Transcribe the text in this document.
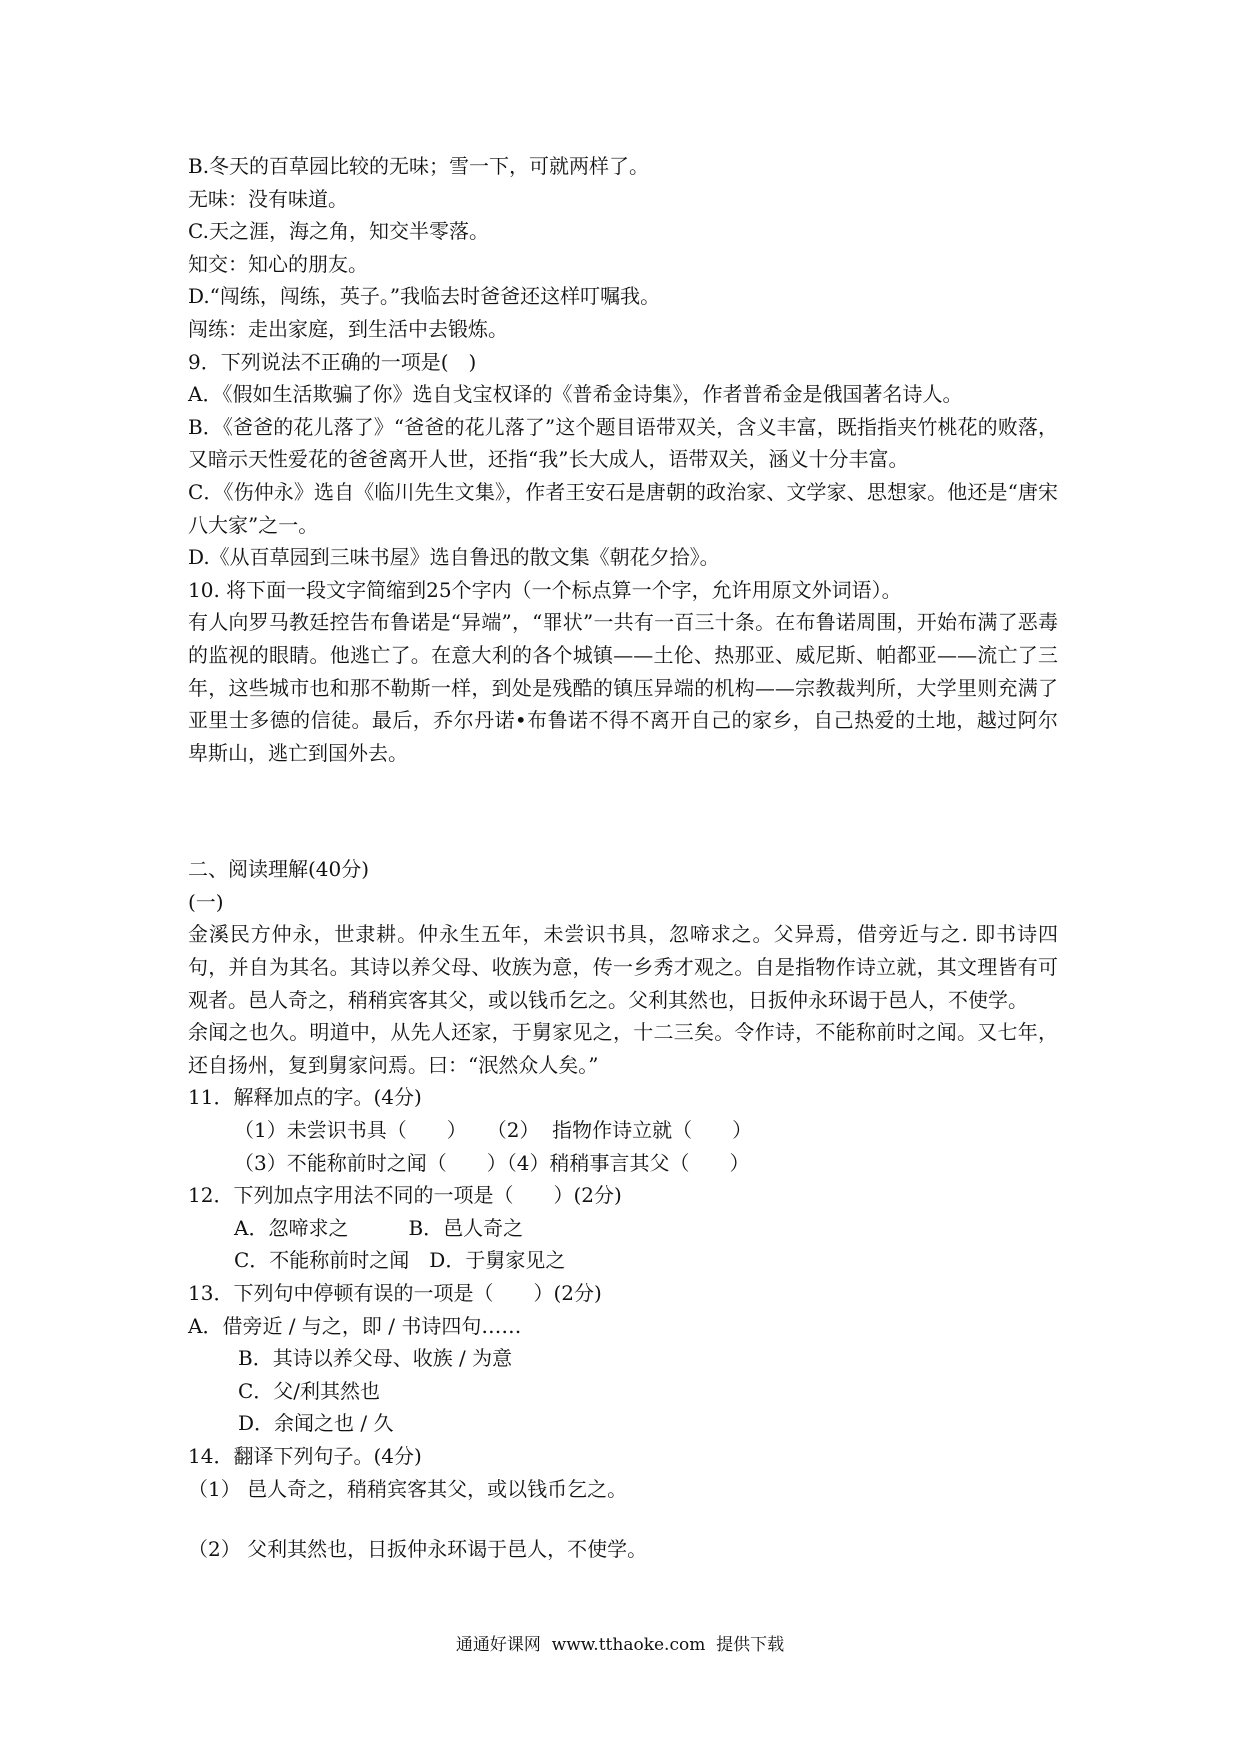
B.冬天的百草园比较的无味；雪一下，可就两样了。
无味：没有味道。
C.天之涯，海之角，知交半零落。
知交：知心的朋友。
D.“闯练，闯练，英子。”我临去时爸爸还这样叮嘱我。
闯练：走出家庭，到生活中去锻炼。
9．下列说法不正确的一项是(　)
A．《假如生活欺骗了你》选自戈宝权译的《普希金诗集》，作者普希金是俄国著名诗人。
B．《爸爸的花儿落了》“爸爸的花儿落了”这个题目语带双关，含义丰富，既指指夹竹桃花的败落，又暗示天性爱花的爸爸离开人世，还指“我”长大成人，语带双关，涵义十分丰富。
C．《伤仲永》选自《临川先生文集》，作者王安石是唐朝的政治家、文学家、思想家。他还是“唐宋八大家”之一。
D.《从百草园到三味书屋》选自鲁迅的散文集《朝花夕拾》。
10. 将下面一段文字简缩到25个字内（一个标点算一个字，允许用原文外词语）。
有人向罗马教廷控告布鲁诺是“异端”，“罪状”一共有一百三十条。在布鲁诺周围，开始布满了恶毒的监视的眼睛。他逃亡了。在意大利的各个城镇——土伦、热那亚、威尼斯、帕都亚——流亡了三年，这些城市也和那不勒斯一样，到处是残酷的镇压异端的机构——宗教裁判所，大学里则充满了亚里士多德的信徒。最后，乔尔丹诺•布鲁诺不得不离开自己的家乡，自己热爱的土地，越过阿尔卑斯山，逃亡到国外去。
二、阅读理解(40分)
(一)
金溪民方仲永，世隶耕。仲永生五年，未尝识书具，忽啼求之。父异焉，借旁近与之. 即书诗四句，并自为其名。其诗以养父母、收族为意，传一乡秀才观之。自是指物作诗立就，其文理皆有可观者。邑人奇之，稍稍宾客其父，或以钱币乞之。父利其然也，日扳仲永环谒于邑人，不使学。
余闻之也久。明道中，从先人还家，于舅家见之，十二三矣。令作诗，不能称前时之闻。又七年，还自扬州，复到舅家问焉。曰：“泯然众人矣。”
11．解释加点的字。(4分)
（1）未尝识书具（　　）　　（2）  指物作诗立就（　　）
（3）不能称前时之闻（　　）（4）稍稍事言其父（　　）
12．下列加点字用法不同的一项是（　　）(2分)
A．忽啼求之　　　B．邑人奇之
C．不能称前时之闻　D．于舅家见之
13．下列句中停顿有误的一项是（　　）(2分)
A．借旁近 / 与之，即 / 书诗四句……
B．其诗以养父母、收族 / 为意
C．父/利其然也
D．余闻之也 / 久
14．翻译下列句子。(4分)
（1） 邑人奇之，稍稍宾客其父，或以钱币乞之。
（2） 父利其然也，日扳仲永环谒于邑人，不使学。
通通好课网  www.tthaoke.com  提供下载
